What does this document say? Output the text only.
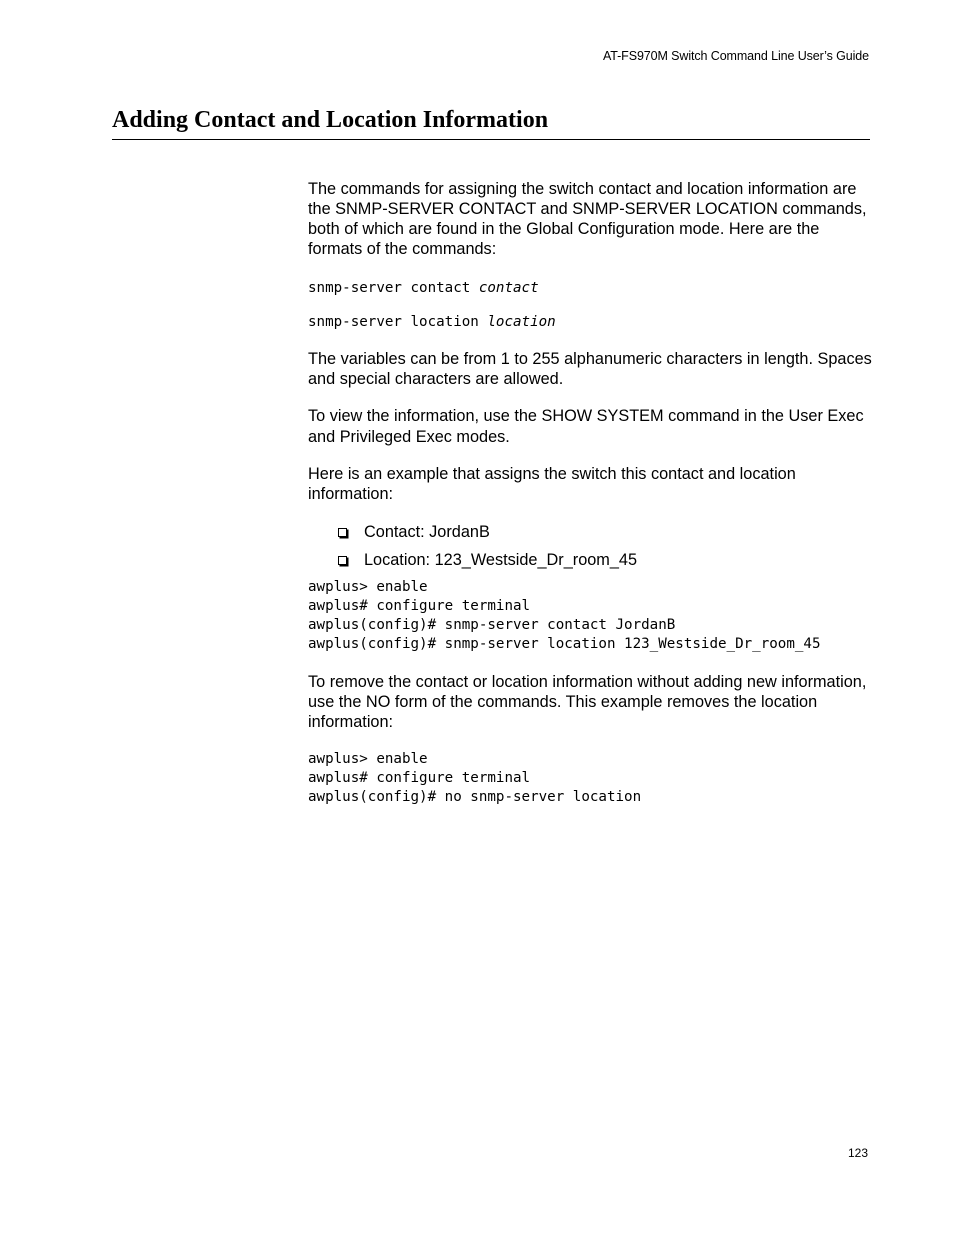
AT-FS970M Switch Command Line User’s Guide
Adding Contact and Location Information

The commands for assigning the switch contact and location information are the SNMP-SERVER CONTACT and SNMP-SERVER LOCATION commands, both of which are found in the Global Configuration mode. Here are the formats of the commands:

snmp-server contact contact
snmp-server location location

The variables can be from 1 to 255 alphanumeric characters in length. Spaces and special characters are allowed.

To view the information, use the SHOW SYSTEM command in the User Exec and Privileged Exec modes.

Here is an example that assigns the switch this contact and location information:

Contact: JordanB
Location: 123_Westside_Dr_room_45
awplus> enable
awplus# configure terminal
awplus(config)# snmp-server contact JordanB
awplus(config)# snmp-server location 123_Westside_Dr_room_45

To remove the contact or location information without adding new information, use the NO form of the commands. This example removes the location information:

awplus> enable
awplus# configure terminal
awplus(config)# no snmp-server location
123
